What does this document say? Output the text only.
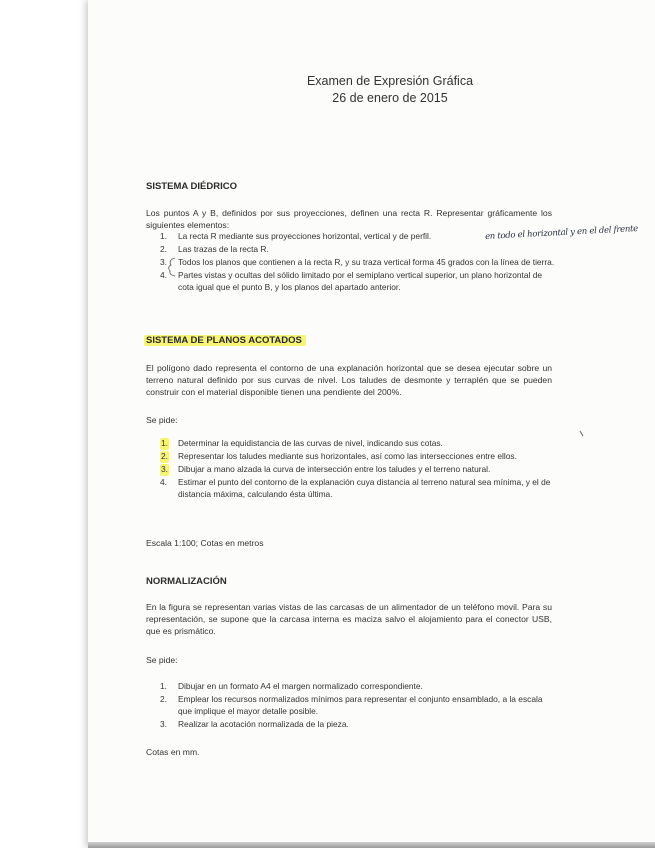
Examen de Expresión Gráfica
26 de enero de 2015
SISTEMA DIÉDRICO
Los puntos A y B, definidos por sus proyecciones, definen una recta R. Representar gráficamente los siguientes elementos:
1. La recta R mediante sus proyecciones horizontal, vertical y de perfil.
2. Las trazas de la recta R.
3. Todos los planos que contienen a la recta R, y su traza vertical forma 45 grados con la línea de tierra.
4. Partes vistas y ocultas del sólido limitado por el semiplano vertical superior, un plano horizontal de cota igual que el punto B, y los planos del apartado anterior.
en todo el horizontal y en el del frente
SISTEMA DE PLANOS ACOTADOS
El polígono dado representa el contorno de una explanación horizontal que se desea ejecutar sobre un terreno natural definido por sus curvas de nivel. Los taludes de desmonte y terraplén que se pueden construir con el material disponible tienen una pendiente del 200%.
Se pide:
1. Determinar la equidistancia de las curvas de nivel, indicando sus cotas.
2. Representar los taludes mediante sus horizontales, así como las intersecciones entre ellos.
3. Dibujar a mano alzada la curva de intersección entre los taludes y el terreno natural.
4. Estimar el punto del contorno de la explanación cuya distancia al terreno natural sea mínima, y el de distancia máxima, calculando ésta última.
Escala 1:100; Cotas en metros
NORMALIZACIÓN
En la figura se representan varias vistas de las carcasas de un alimentador de un teléfono movil. Para su representación, se supone que la carcasa interna es maciza salvo el alojamiento para el conector USB, que es prismático.
Se pide:
1. Dibujar en un formato A4 el margen normalizado correspondiente.
2. Emplear los recursos normalizados mínimos para representar el conjunto ensamblado, a la escala que implique el mayor detalle posible.
3. Realizar la acotación normalizada de la pieza.
Cotas en mm.
